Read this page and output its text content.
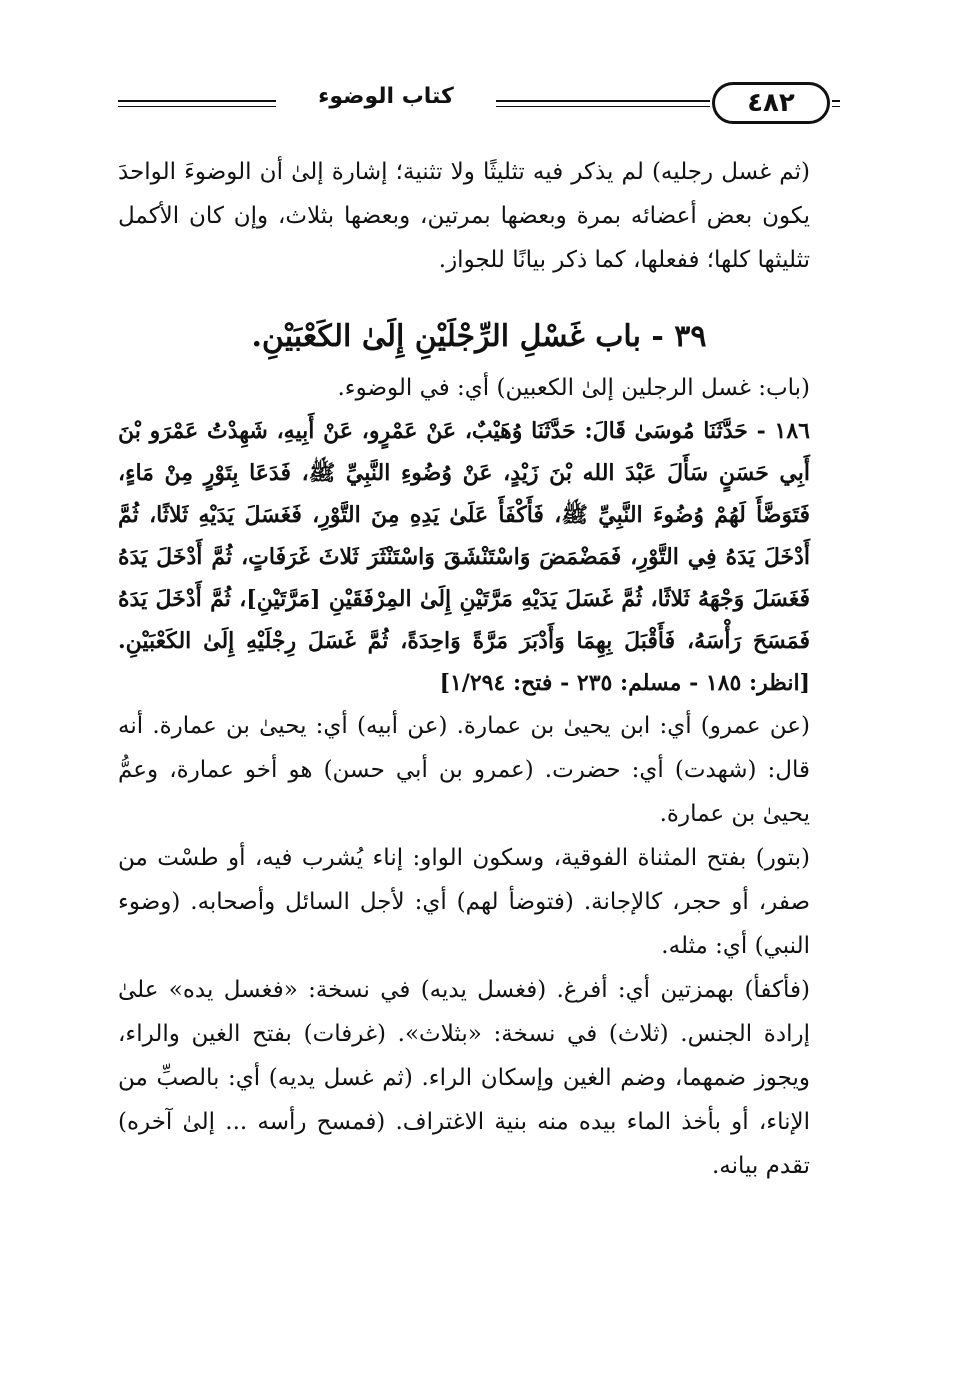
كتاب الوضوء	٤٨٢

(ثم غسل رجليه) لم يذكر فيه تثليثًا ولا تثنية؛ إشارة إلىٰ أن الوضوءَ الواحدَ يكون بعض أعضائه بمرة وبعضها بمرتين، وبعضها بثلاث، وإن كان الأكمل تثليثها كلها؛ ففعلها، كما ذكر بيانًا للجواز.

٣٩ - باب غَسْلِ الرِّجْلَيْنِ إِلَىٰ الكَعْبَيْنِ.

(باب: غسل الرجلين إلىٰ الكعبين) أي: في الوضوء.

١٨٦ - حَدَّثَنَا مُوسَىٰ قَالَ: حَدَّثَنَا وُهَيْبٌ، عَنْ عَمْرٍو، عَنْ أَبِيهِ، شَهِدْتُ عَمْرَو بْنَ أَبِي حَسَنٍ سَأَلَ عَبْدَ الله بْنَ زَيْدٍ، عَنْ وُضُوءِ النَّبِيِّ ﷺ، فَدَعَا بِتَوْرٍ مِنْ مَاءٍ، فَتَوَضَّأَ لَهُمْ وُضُوءَ النَّبِيِّ ﷺ، فَأَكْفَأَ عَلَىٰ يَدِهِ مِنَ التَّوْرِ، فَغَسَلَ يَدَيْهِ ثَلاثًا، ثُمَّ أَدْخَلَ يَدَهُ فِي التَّوْرِ، فَمَضْمَضَ وَاسْتَنْشَقَ وَاسْتَنْثَرَ ثَلاثَ غَرَفَاتٍ، ثُمَّ أَدْخَلَ يَدَهُ فَغَسَلَ وَجْهَهُ ثَلاثًا، ثُمَّ غَسَلَ يَدَيْهِ مَرَّتَيْنِ إِلَىٰ المِرْفَقَيْنِ [مَرَّتَيْنِ]، ثُمَّ أَدْخَلَ يَدَهُ فَمَسَحَ رَأْسَهُ، فَأَقْبَلَ بِهِمَا وَأَدْبَرَ مَرَّةً وَاحِدَةً، ثُمَّ غَسَلَ رِجْلَيْهِ إِلَىٰ الكَعْبَيْنِ. [انظر: ١٨٥ - مسلم: ٢٣٥ - فتح: ١/٢٩٤]

(عن عمرو) أي: ابن يحيىٰ بن عمارة. (عن أبيه) أي: يحيىٰ بن عمارة. أنه قال: (شهدت) أي: حضرت. (عمرو بن أبي حسن) هو أخو عمارة، وعمُّ يحيىٰ بن عمارة.

(بتور) بفتح المثناة الفوقية، وسكون الواو: إناء يُشرب فيه، أو طسْت من صفر، أو حجر، كالإجانة. (فتوضأ لهم) أي: لأجل السائل وأصحابه. (وضوء النبي) أي: مثله.

(فأكفأ) بهمزتين أي: أفرغ. (فغسل يديه) في نسخة: «فغسل يده» علىٰ إرادة الجنس. (ثلاث) في نسخة: «بثلاث». (غرفات) بفتح الغين والراء، ويجوز ضمهما، وضم الغين وإسكان الراء. (ثم غسل يديه) أي: بالصبِّ من الإناء، أو بأخذ الماء بيده منه بنية الاغتراف. (فمسح رأسه ... إلىٰ آخره) تقدم بيانه.
